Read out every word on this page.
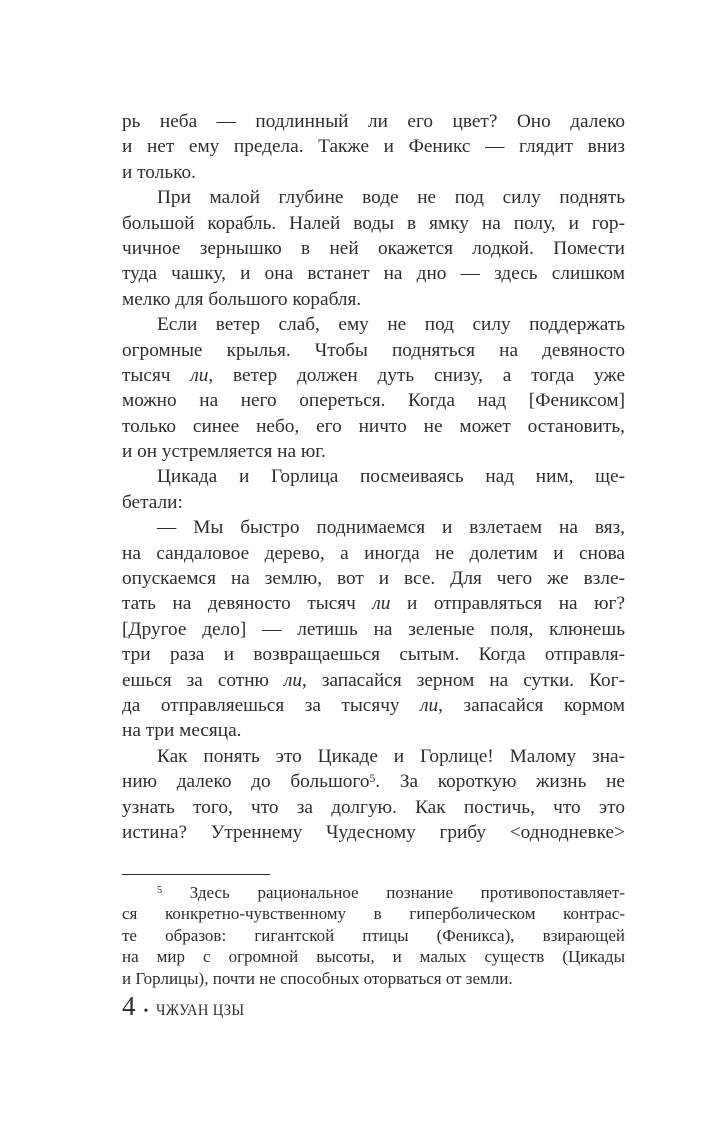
рь неба — подлинный ли его цвет? Оно далеко
и нет ему предела. Также и Феникс — глядит вниз
и только.
При малой глубине воде не под силу поднять
большой корабль. Налей воды в ямку на полу, и гор-
чичное зернышко в ней окажется лодкой. Помести
туда чашку, и она встанет на дно — здесь слишком
мелко для большого корабля.
Если ветер слаб, ему не под силу поддержать
огромные крылья. Чтобы подняться на девяносто
тысяч ли, ветер должен дуть снизу, а тогда уже
можно на него опереться. Когда над [Фениксом]
только синее небо, его ничто не может остановить,
и он устремляется на юг.
Цикада и Горлица посмеиваясь над ним, ще-
бетали:
— Мы быстро поднимаемся и взлетаем на вяз,
на сандаловое дерево, а иногда не долетим и снова
опускаемся на землю, вот и все. Для чего же взле-
тать на девяносто тысяч ли и отправляться на юг?
[Другое дело] — летишь на зеленые поля, клюнешь
три раза и возвращаешься сытым. Когда отправля-
ешься за сотню ли, запасайся зерном на сутки. Ког-
да отправляешься за тысячу ли, запасайся кормом
на три месяца.
Как понять это Цикаде и Горлице! Малому зна-
нию далеко до большого$^5$. За короткую жизнь не
узнать того, что за долгую. Как постичь, что это
истина? Утреннему Чудесному грибу <однодневке>
$^5$ Здесь рациональное познание противопоставляет-
ся конкретно-чувственному в гиперболическом контрас-
те образов: гигантской птицы (Феникса), взирающей
на мир с огромной высоты, и малых существ (Цикады
и Горлицы), почти не способных оторваться от земли.
4 • ЧЖУАН ЦЗЫ
